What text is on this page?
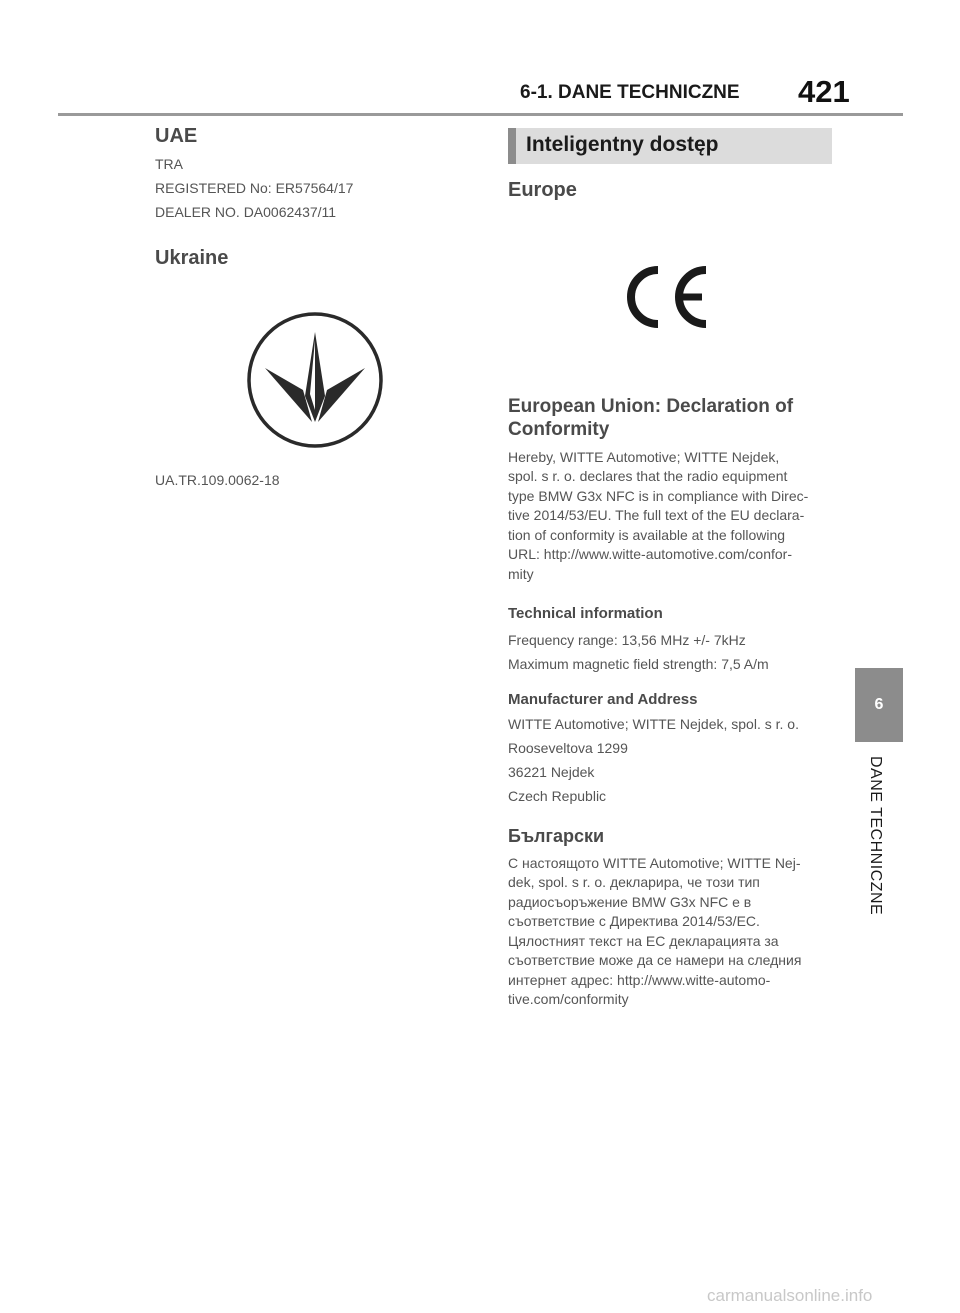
6-1. DANE TECHNICZNE	421
UAE

TRA

REGISTERED No: ER57564/17

DEALER NO. DA0062437/11

Ukraine

UA.TR.109.0062-18

Inteligentny dostęp
Europe
European Union: Declaration of
Conformity

Hereby, WITTE Automotive; WITTE Nejdek,

spol. s r. o. declares that the radio equipment

type BMW G3x NFC is in compliance with Direc-

tive 2014/53/EU. The full text of the EU declara-

tion of conformity is available at the following

URL: http://www.witte-automotive.com/confor-

mity

Technical information

Frequency range: 13,56 MHz +/- 7kHz

Maximum magnetic field strength: 7,5 A/m

Manufacturer and Address

WITTE Automotive; WITTE Nejdek, spol. s r. o.

Rooseveltova 1299

36221 Nejdek

Czech Republic

Български

С настоящото WITTE Automotive; WITTE Nej-

dek, spol. s r. o. декларира, че този тип

радиосъоръжение BMW G3x NFC е в

съответствие с Директива 2014/53/ЕС.

Цялостният текст на ЕС декларацията за

съответствие може да се намери на следния

интернет адрес: http://www.witte-automo-

tive.com/conformity

6
DANE TECHNICZNE
carmanualsonline.info
